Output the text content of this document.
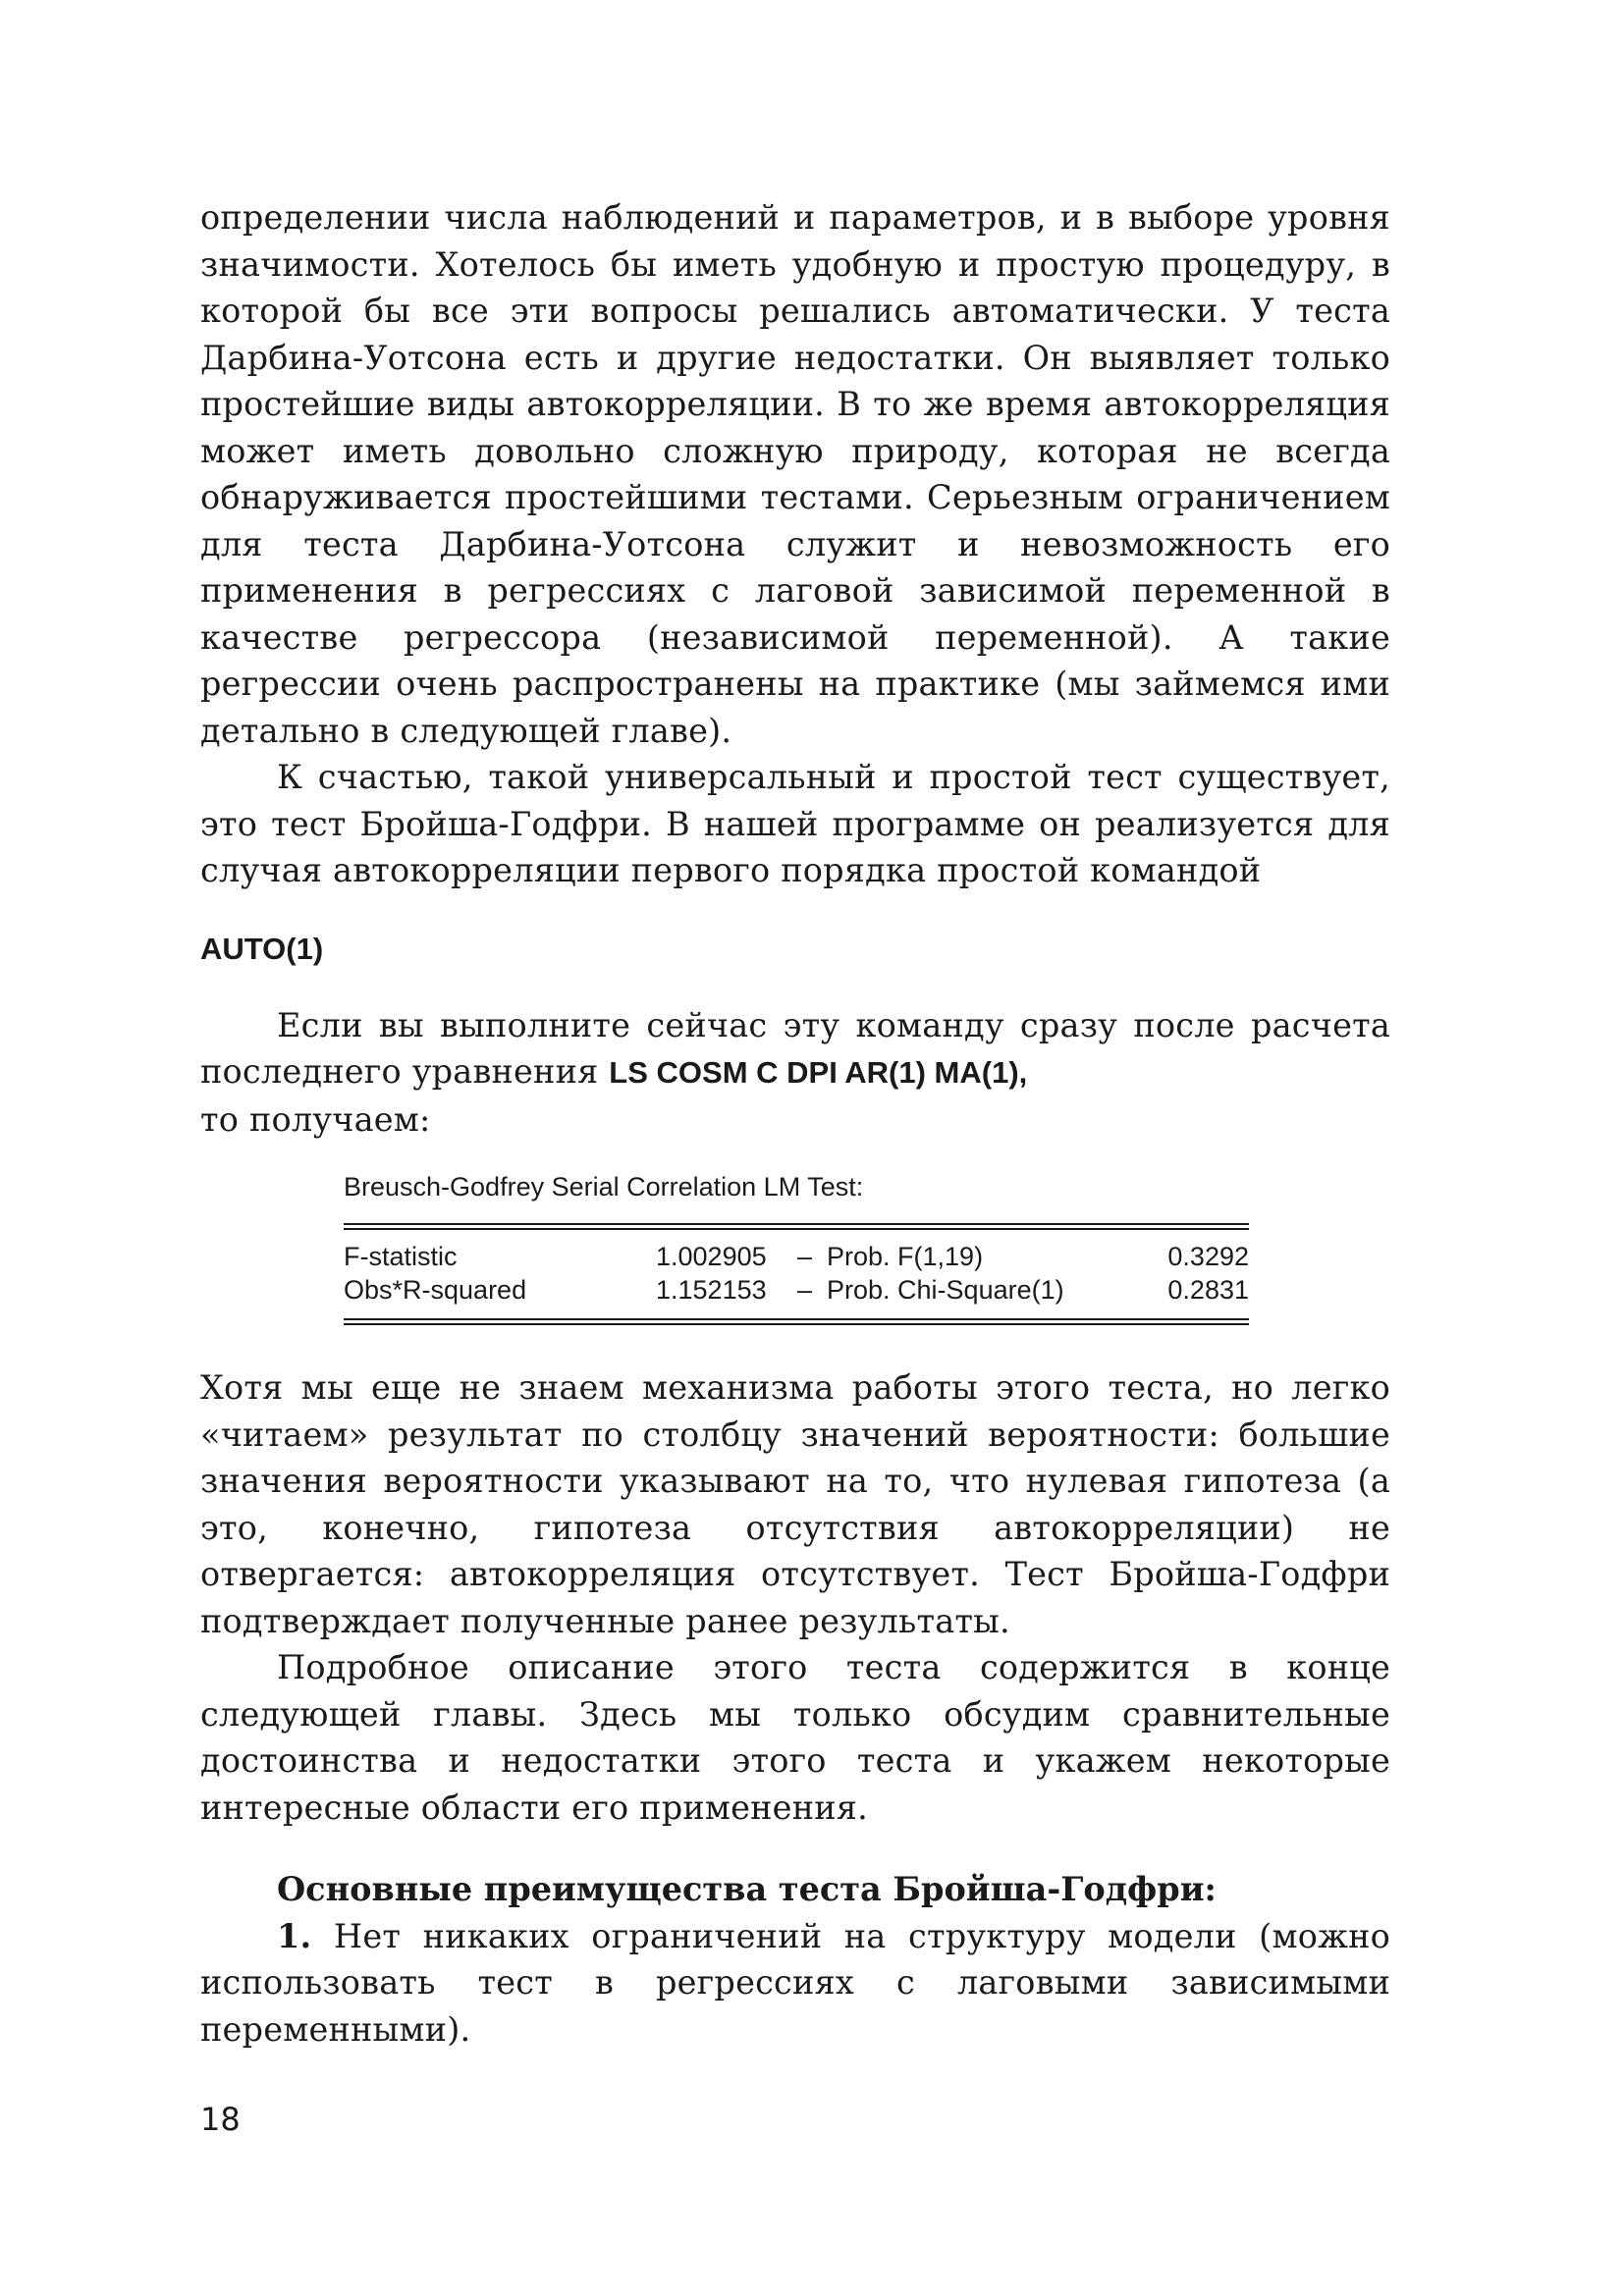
определении числа наблюдений и параметров, и в выборе уровня значимости. Хотелось бы иметь удобную и простую процедуру, в которой бы все эти вопросы решались автоматически. У теста Дарбина-Уотсона есть и другие недостатки. Он выявляет только простейшие виды автокорреляции. В то же время автокорреляция может иметь довольно сложную природу, которая не всегда обнаруживается простейшими тестами. Серьезным ограничением для теста Дарбина-Уотсона служит и невозможность его применения в регрессиях с лаговой зависимой переменной в качестве регрессора (независимой переменной). А такие регрессии очень распространены на практике (мы займемся ими детально в следующей главе).

К счастью, такой универсальный и простой тест существует, это тест Бройша-Годфри. В нашей программе он реализуется для случая автокорреляции первого порядка простой командой

AUTO(1)

Если вы выполните сейчас эту команду сразу после расчета последнего уравнения LS COSM C DPI AR(1) MA(1),
то получаем:

Breusch-Godfrey Serial Correlation LM Test:
F-statistic	1.002905	– Prob. F(1,19)	0.3292
Obs*R-squared	1.152153	– Prob. Chi-Square(1)	0.2831

Хотя мы еще не знаем механизма работы этого теста, но легко «читаем» результат по столбцу значений вероятности: большие значения вероятности указывают на то, что нулевая гипотеза (а это, конечно, гипотеза отсутствия автокорреляции) не отвергается: автокорреляция отсутствует. Тест Бройша-Годфри подтверждает полученные ранее результаты.

Подробное описание этого теста содержится в конце следующей главы. Здесь мы только обсудим сравнительные достоинства и недостатки этого теста и укажем некоторые интересные области его применения.

Основные преимущества теста Бройша-Годфри:

1. Нет никаких ограничений на структуру модели (можно использовать тест в регрессиях с лаговыми зависимыми переменными).

18
